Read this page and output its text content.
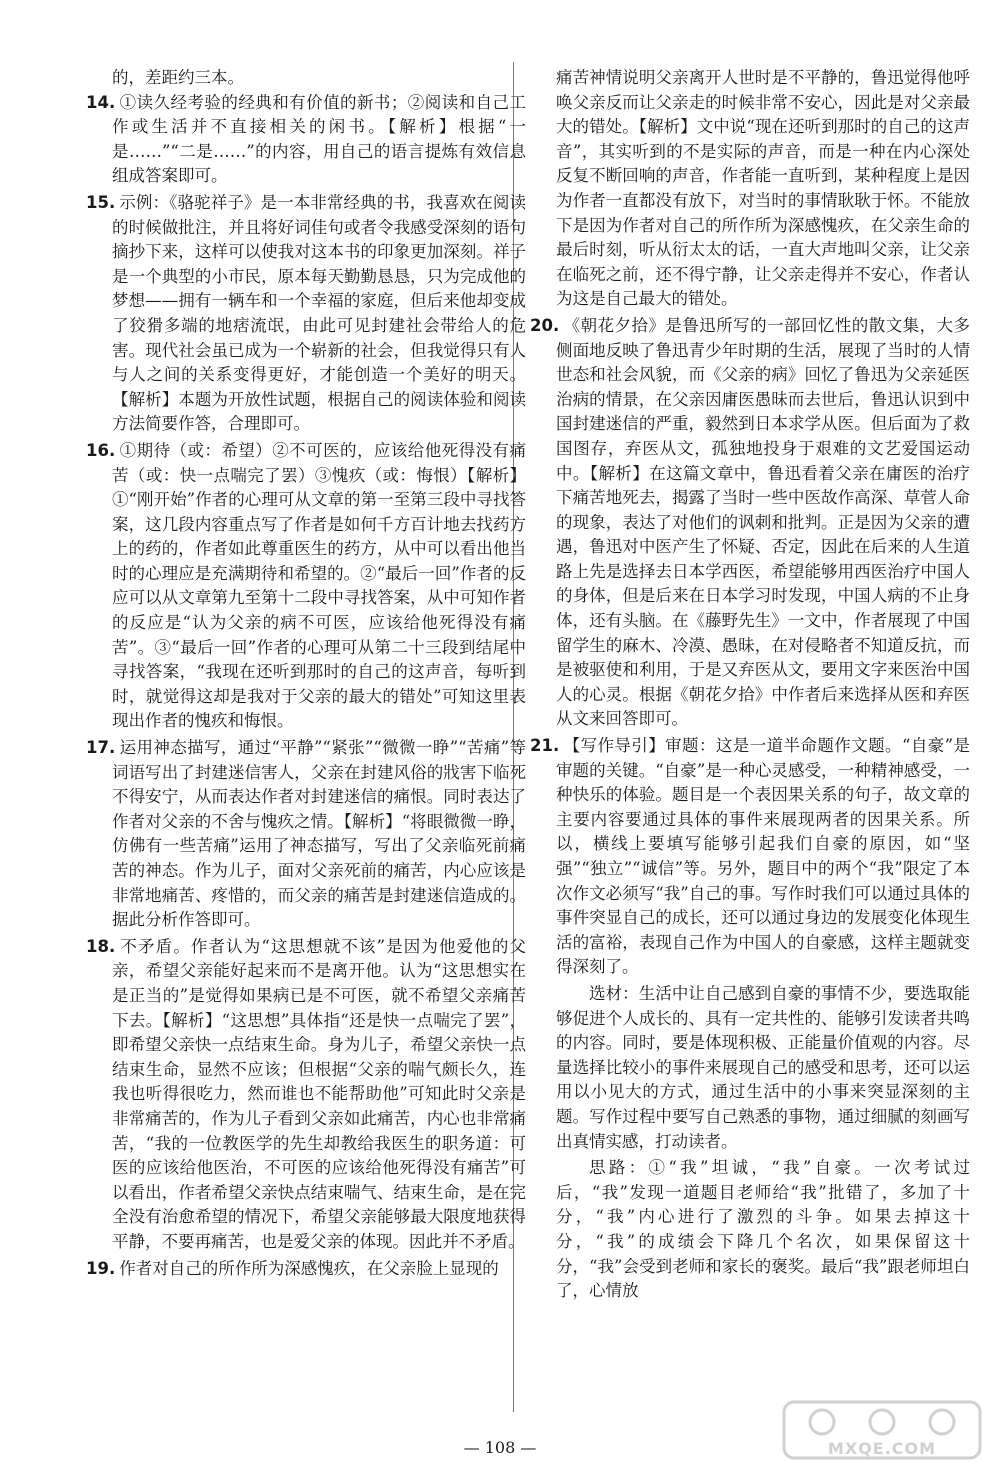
的，差距约三本。

14. ①读久经考验的经典和有价值的新书；②阅读和自己工作或生活并不直接相关的闲书。【解析】根据“一是……”“二是……”的内容，用自己的语言提炼有效信息组成答案即可。

15. 示例：《骆驼祥子》是一本非常经典的书，我喜欢在阅读的时候做批注，并且将好词佳句或者令我感受深刻的语句摘抄下来，这样可以使我对这本书的印象更加深刻。祥子是一个典型的小市民，原本每天勤勤恳恳，只为完成他的梦想——拥有一辆车和一个幸福的家庭，但后来他却变成了狡猾多端的地痞流氓，由此可见封建社会带给人的危害。现代社会虽已成为一个崭新的社会，但我觉得只有人与人之间的关系变得更好，才能创造一个美好的明天。【解析】本题为开放性试题，根据自己的阅读体验和阅读方法简要作答，合理即可。

16. ①期待（或：希望）②不可医的，应该给他死得没有痛苦（或：快一点喘完了罢）③愧疚（或：悔恨）【解析】①“刚开始”作者的心理可从文章的第一至第三段中寻找答案，这几段内容重点写了作者是如何千方百计地去找药方上的药的，作者如此尊重医生的药方，从中可以看出他当时的心理应是充满期待和希望的。②“最后一回”作者的反应可以从文章第九至第十二段中寻找答案，从中可知作者的反应是“认为父亲的病不可医，应该给他死得没有痛苦”。③“最后一回”作者的心理可从第二十三段到结尾中寻找答案，“我现在还听到那时的自己的这声音，每听到时，就觉得这却是我对于父亲的最大的错处”可知这里表现出作者的愧疚和悔恨。

17. 运用神态描写，通过“平静”“紧张”“微微一睁”“苦痛”等词语写出了封建迷信害人，父亲在封建风俗的戕害下临死不得安宁，从而表达作者对封建迷信的痛恨。同时表达了作者对父亲的不舍与愧疚之情。【解析】“将眼微微一睁，仿佛有一些苦痛”运用了神态描写，写出了父亲临死前痛苦的神态。作为儿子，面对父亲死前的痛苦，内心应该是非常地痛苦、疼惜的，而父亲的痛苦是封建迷信造成的。据此分析作答即可。

18. 不矛盾。作者认为“这思想就不该”是因为他爱他的父亲，希望父亲能好起来而不是离开他。认为“这思想实在是正当的”是觉得如果病已是不可医，就不希望父亲痛苦下去。【解析】“这思想”具体指“还是快一点喘完了罢”，即希望父亲快一点结束生命。身为儿子，希望父亲快一点结束生命，显然不应该；但根据“父亲的喘气颇长久，连我也听得很吃力，然而谁也不能帮助他”可知此时父亲是非常痛苦的，作为儿子看到父亲如此痛苦，内心也非常痛苦，“我的一位教医学的先生却教给我医生的职务道：可医的应该给他医治，不可医的应该给他死得没有痛苦”可以看出，作者希望父亲快点结束喘气、结束生命，是在完全没有治愈希望的情况下，希望父亲能够最大限度地获得平静，不要再痛苦，也是爱父亲的体现。因此并不矛盾。

19. 作者对自己的所作所为深感愧疚，在父亲脸上显现的

痛苦神情说明父亲离开人世时是不平静的，鲁迅觉得他呼唤父亲反而让父亲走的时候非常不安心，因此是对父亲最大的错处。【解析】文中说“现在还听到那时的自己的这声音”，其实听到的不是实际的声音，而是一种在内心深处反复不断回响的声音，作者能一直听到，某种程度上是因为作者一直都没有放下，对当时的事情耿耿于怀。不能放下是因为作者对自己的所作所为深感愧疚，在父亲生命的最后时刻，听从衍太太的话，一直大声地叫父亲，让父亲在临死之前，还不得宁静，让父亲走得并不安心，作者认为这是自己最大的错处。

20. 《朝花夕拾》是鲁迅所写的一部回忆性的散文集，大多侧面地反映了鲁迅青少年时期的生活，展现了当时的人情世态和社会风貌，而《父亲的病》回忆了鲁迅为父亲延医治病的情景，在父亲因庸医愚昧而去世后，鲁迅认识到中国封建迷信的严重，毅然到日本求学从医。但后面为了救国图存，弃医从文，孤独地投身于艰难的文艺爱国运动中。【解析】在这篇文章中，鲁迅看着父亲在庸医的治疗下痛苦地死去，揭露了当时一些中医故作高深、草菅人命的现象，表达了对他们的讽刺和批判。正是因为父亲的遭遇，鲁迅对中医产生了怀疑、否定，因此在后来的人生道路上先是选择去日本学西医，希望能够用西医治疗中国人的身体，但是后来在日本学习时发现，中国人病的不止身体，还有头脑。在《藤野先生》一文中，作者展现了中国留学生的麻木、冷漠、愚昧，在对侵略者不知道反抗，而是被驱使和利用，于是又弃医从文，要用文字来医治中国人的心灵。根据《朝花夕拾》中作者后来选择从医和弃医从文来回答即可。

21. 【写作导引】审题：这是一道半命题作文题。“自豪”是审题的关键。“自豪”是一种心灵感受，一种精神感受，一种快乐的体验。题目是一个表因果关系的句子，故文章的主要内容要通过具体的事件来展现两者的因果关系。所以，横线上要填写能够引起我们自豪的原因，如“坚强”“独立”“诚信”等。另外，题目中的两个“我”限定了本次作文必须写“我”自己的事。写作时我们可以通过具体的事件突显自己的成长，还可以通过身边的发展变化体现生活的富裕，表现自己作为中国人的自豪感，这样主题就变得深刻了。

选材：生活中让自己感到自豪的事情不少，要选取能够促进个人成长的、具有一定共性的、能够引发读者共鸣的内容。同时，要是体现积极、正能量价值观的内容。尽量选择比较小的事件来展现自己的感受和思考，还可以运用以小见大的方式，通过生活中的小事来突显深刻的主题。写作过程中要写自己熟悉的事物，通过细腻的刻画写出真情实感，打动读者。

思路：①“我”坦诚，“我”自豪。一次考试过后，“我”发现一道题目老师给“我”批错了，多加了十分，“我”内心进行了激烈的斗争。如果去掉这十分，“我”的成绩会下降几个名次，如果保留这十分，“我”会受到老师和家长的褒奖。最后“我”跟老师坦白了，心情放

— 108 —	MXQE.COM
